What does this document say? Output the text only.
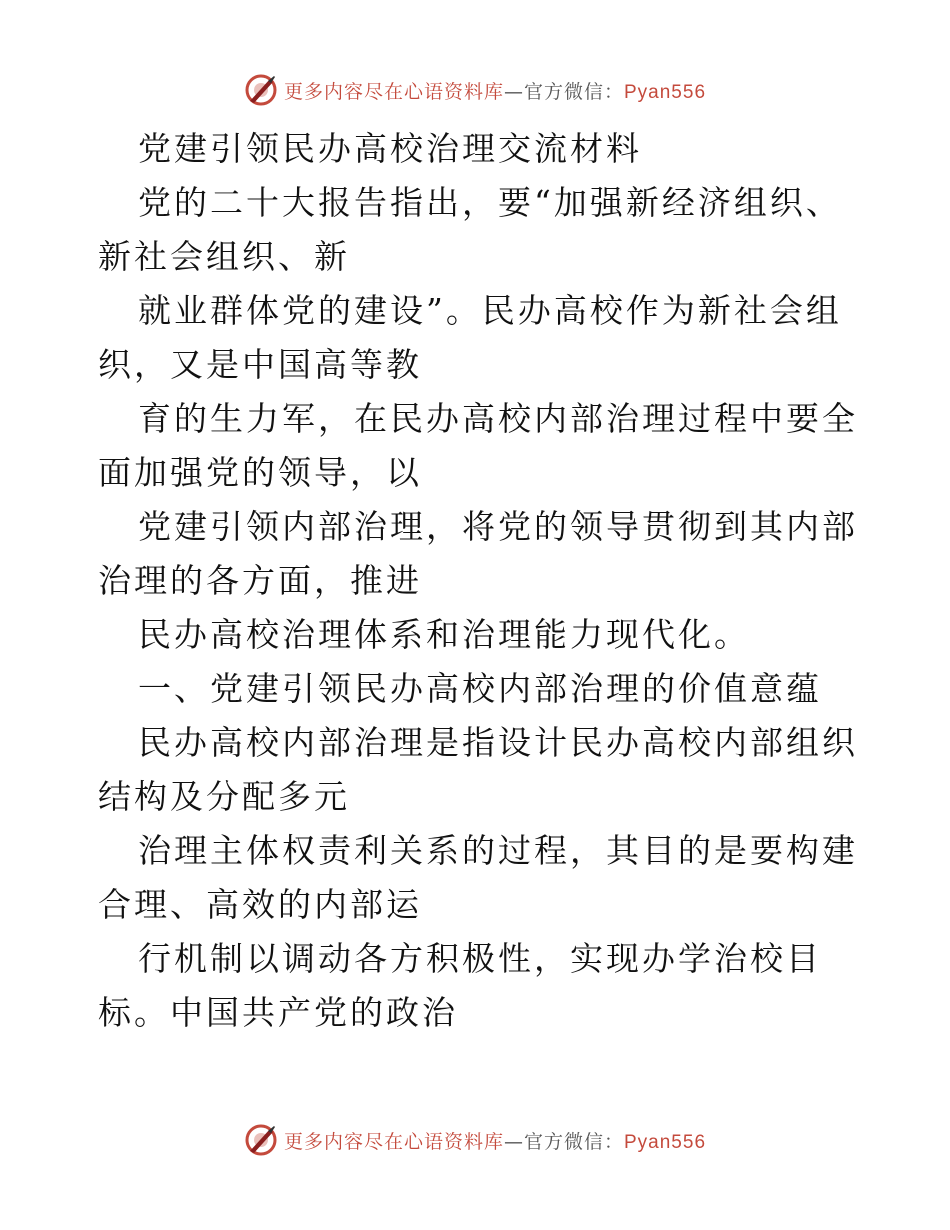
更多内容尽在心语资料库—官方微信：Pyan556

党建引领民办高校治理交流材料

党的二十大报告指出，要“加强新经济组织、新社会组织、新

就业群体党的建设”。民办高校作为新社会组织，又是中国高等教

育的生力军，在民办高校内部治理过程中要全面加强党的领导，以

党建引领内部治理，将党的领导贯彻到其内部治理的各方面，推进

民办高校治理体系和治理能力现代化。

一、党建引领民办高校内部治理的价值意蕴

民办高校内部治理是指设计民办高校内部组织结构及分配多元

治理主体权责利关系的过程，其目的是要构建合理、高效的内部运

行机制以调动各方积极性，实现办学治校目标。中国共产党的政治

更多内容尽在心语资料库—官方微信：Pyan556
